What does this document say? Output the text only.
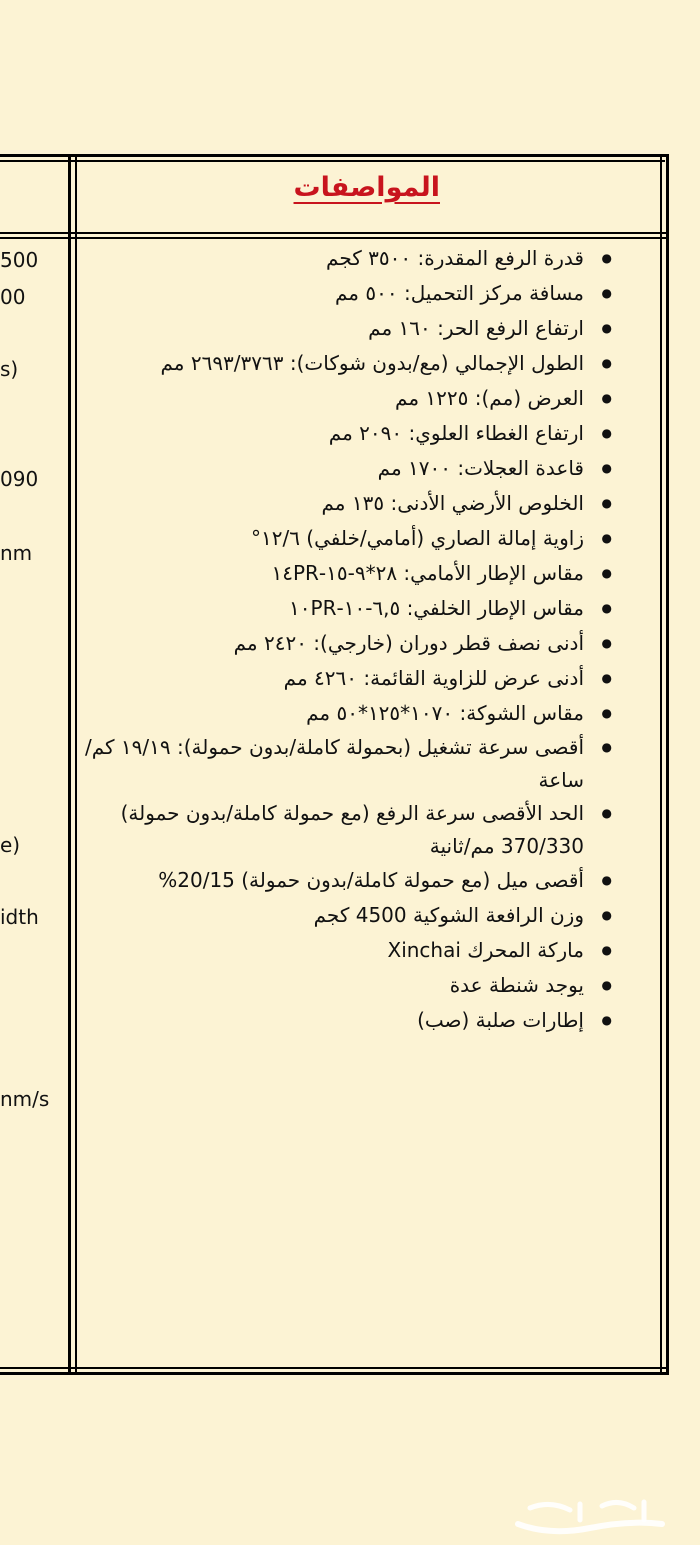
المواصفات
500
00
s)
090
nm
e)
idth
nm/s
● قدرة الرفع المقدرة: ٣٥٠٠ كجم
● مسافة مركز التحميل: ٥٠٠ مم
● ارتفاع الرفع الحر: ١٦٠ مم
● الطول الإجمالي (مع/بدون شوكات): ٢٦٩٣/٣٧٦٣ مم
● العرض (مم): ١٢٢٥ مم
● ارتفاع الغطاء العلوي: ٢٠٩٠ مم
● قاعدة العجلات: ١٧٠٠ مم
● الخلوص الأرضي الأدنى: ١٣٥ مم
● زاوية إمالة الصاري (أمامي/خلفي) ١٢/٦°
● مقاس الإطار الأمامي: ٢٨*٩-١٥-١٤PR
● مقاس الإطار الخلفي: ٦,٥-١٠-١٠PR
● أدنى نصف قطر دوران (خارجي): ٢٤٢٠ مم
● أدنى عرض للزاوية القائمة: ٤٢٦٠ مم
● مقاس الشوكة: ١٠٧٠*١٢٥*٥٠ مم
● أقصى سرعة تشغيل (بحمولة كاملة/بدون حمولة): ١٩/١٩ كم/ساعة
● الحد الأقصى سرعة الرفع (مع حمولة كاملة/بدون حمولة) 370/330 مم/ثانية
● أقصى ميل (مع حمولة كاملة/بدون حمولة) 20/15%
● وزن الرافعة الشوكية 4500 كجم
● ماركة المحرك Xinchai
● يوجد شنطة عدة
● إطارات صلبة (صب)
